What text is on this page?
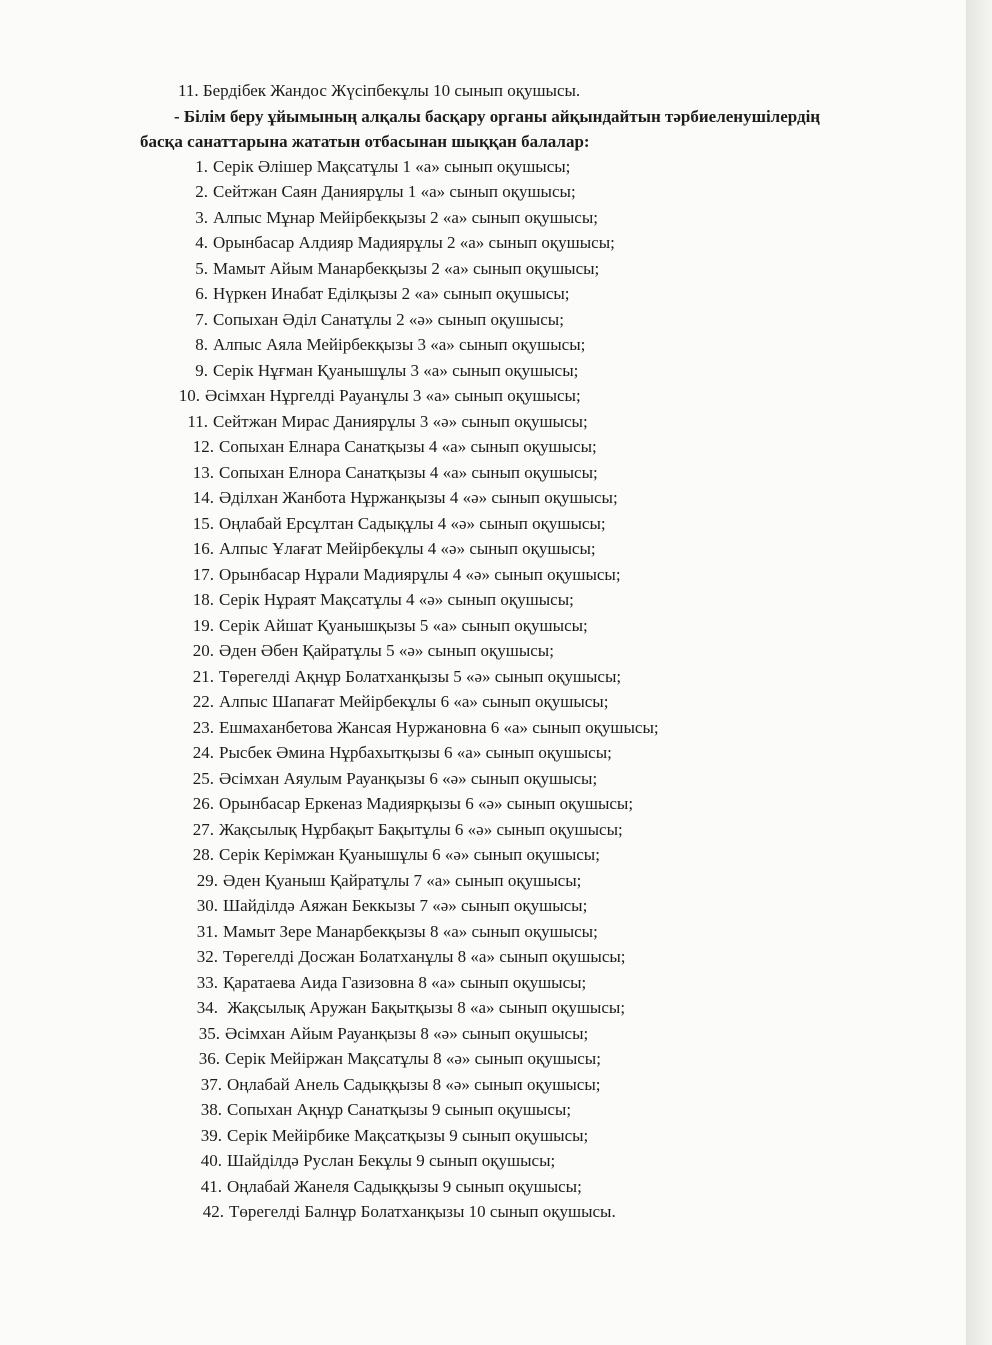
11. Бердібек Жандос Жүсіпбекұлы 10 сынып оқушысы.

- Білім беру ұйымының алқалы басқару органы айқындайтын тәрбиеленушілердің
басқа санаттарына жататын отбасынан шыққан балалар:
1. Серік Әлішер Мақсатұлы 1 «а» сынып оқушысы;
2. Сейтжан Саян Даниярұлы 1 «а» сынып оқушысы;
3. Алпыс Мұнар Мейірбекқызы 2 «а» сынып оқушысы;
4. Орынбасар Алдияр Мадиярұлы 2 «а» сынып оқушысы;
5. Мамыт Айым Манарбекқызы 2 «а» сынып оқушысы;
6. Нүркен Инабат Еділқызы 2 «а» сынып оқушысы;
7. Сопыхан Әділ Санатұлы 2 «ә» сынып оқушысы;
8. Алпыс Аяла Мейірбекқызы 3 «а» сынып оқушысы;
9. Серік Нұғман Қуанышұлы 3 «а» сынып оқушысы;
10. Әсімхан Нұргелді Рауанұлы 3 «а» сынып оқушысы;
11. Сейтжан Мирас Даниярұлы 3 «ә» сынып оқушысы;
12. Сопыхан Елнара Санатқызы 4 «а» сынып оқушысы;
13. Сопыхан Елнора Санатқызы 4 «а» сынып оқушысы;
14. Әділхан Жанбота Нұржанқызы 4 «ә» сынып оқушысы;
15. Оңлабай Ерсұлтан Садықұлы 4 «ә» сынып оқушысы;
16. Алпыс Ұлағат Мейірбекұлы 4 «ә» сынып оқушысы;
17. Орынбасар Нұрали Мадиярұлы 4 «ә» сынып оқушысы;
18. Серік Нұраят Мақсатұлы 4 «ә» сынып оқушысы;
19. Серік Айшат Қуанышқызы 5 «а» сынып оқушысы;
20. Әден Әбен Қайратұлы 5 «ә» сынып оқушысы;
21. Төрегелді Ақнұр Болатханқызы 5 «ә» сынып оқушысы;
22. Алпыс Шапағат Мейірбекұлы 6 «а» сынып оқушысы;
23. Ешмаханбетова Жансая Нуржановна 6 «а» сынып оқушысы;
24. Рысбек Әмина Нұрбахытқызы 6 «а» сынып оқушысы;
25. Әсімхан Аяулым Рауанқызы 6 «ә» сынып оқушысы;
26. Орынбасар Еркеназ Мадиярқызы 6 «ә» сынып оқушысы;
27. Жақсылық Нұрбақыт Бақытұлы 6 «ә» сынып оқушысы;
28. Серік Керімжан Қуанышұлы 6 «ә» сынып оқушысы;
29. Әден Қуаныш Қайратұлы 7 «а» сынып оқушысы;
30. Шайділдә Аяжан Беккызы 7 «ә» сынып оқушысы;
31. Мамыт Зере Манарбекқызы 8 «а» сынып оқушысы;
32. Төрегелді Досжан Болатханұлы 8 «а» сынып оқушысы;
33. Қаратаева Аида Газизовна 8 «а» сынып оқушысы;
34. Жақсылық Аружан Бақытқызы 8 «а» сынып оқушысы;
35. Әсімхан Айым Рауанқызы 8 «ә» сынып оқушысы;
36. Серік Мейіржан Мақсатұлы 8 «ә» сынып оқушысы;
37. Оңлабай Анель Садыққызы 8 «ә» сынып оқушысы;
38. Сопыхан Ақнұр Санатқызы 9 сынып оқушысы;
39. Серік Мейірбике Мақсатқызы 9 сынып оқушысы;
40. Шайділдә Руслан Бекұлы 9 сынып оқушысы;
41. Оңлабай Жанеля Садыққызы 9 сынып оқушысы;
42. Төрегелді Балнұр Болатханқызы 10 сынып оқушысы.
